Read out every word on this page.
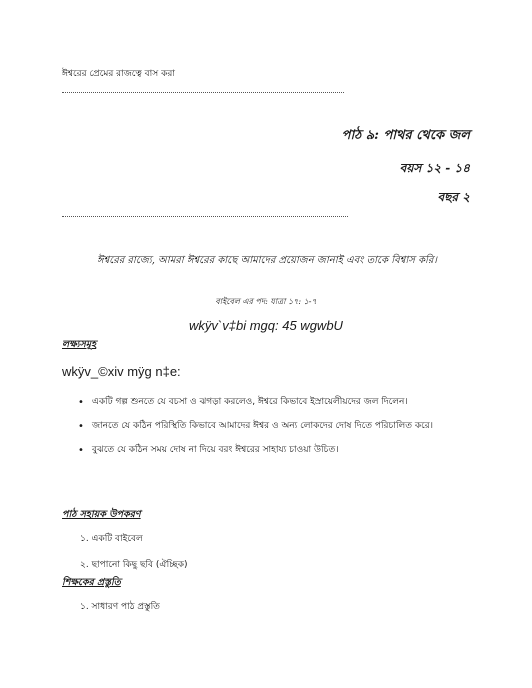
ঈশ্বরের প্রেমের রাজত্বে বাস করা
পাঠ ৯: পাথর থেকে জল
বয়স ১২ - ১৪
বছর ২
ঈশ্বরের রাজ্যে, আমরা ঈশ্বরের কাছে আমাদের প্রয়োজন জানাই এবং তাকে বিশ্বাস করি।
বাইবেল এর পদ: যাত্রা ১৭: ১-৭
wkÿv`v‡bi mgq: 45 wgwbU
লক্ষ্যসমূহ
wkÿv_©xiv mÿg n‡e:
• একটি গল্প শুনতে যে বচসা ও ঝগড়া করলেও, ঈশ্বরে কিভাবে ইস্রায়েলীয়দের জল দিলেন।
• জানতে যে কঠিন পরিস্থিতি কিভাবে আমাদের ঈশ্বর ও অন্য লোকদের দোষ দিতে পরিচালিত করে।
• বুঝতে যে কঠিন সময় দোষ না দিয়ে বরং ঈশ্বরের সাহায্য চাওয়া উচিত।
পাঠ সহায়ক উপকরণ
১. একটি বাইবেল
২. ছাপানো কিছু ছবি (ঐচ্ছিক)
শিক্ষকের প্রস্তুতি
১. সাধারণ পাঠ প্রস্তুতি
